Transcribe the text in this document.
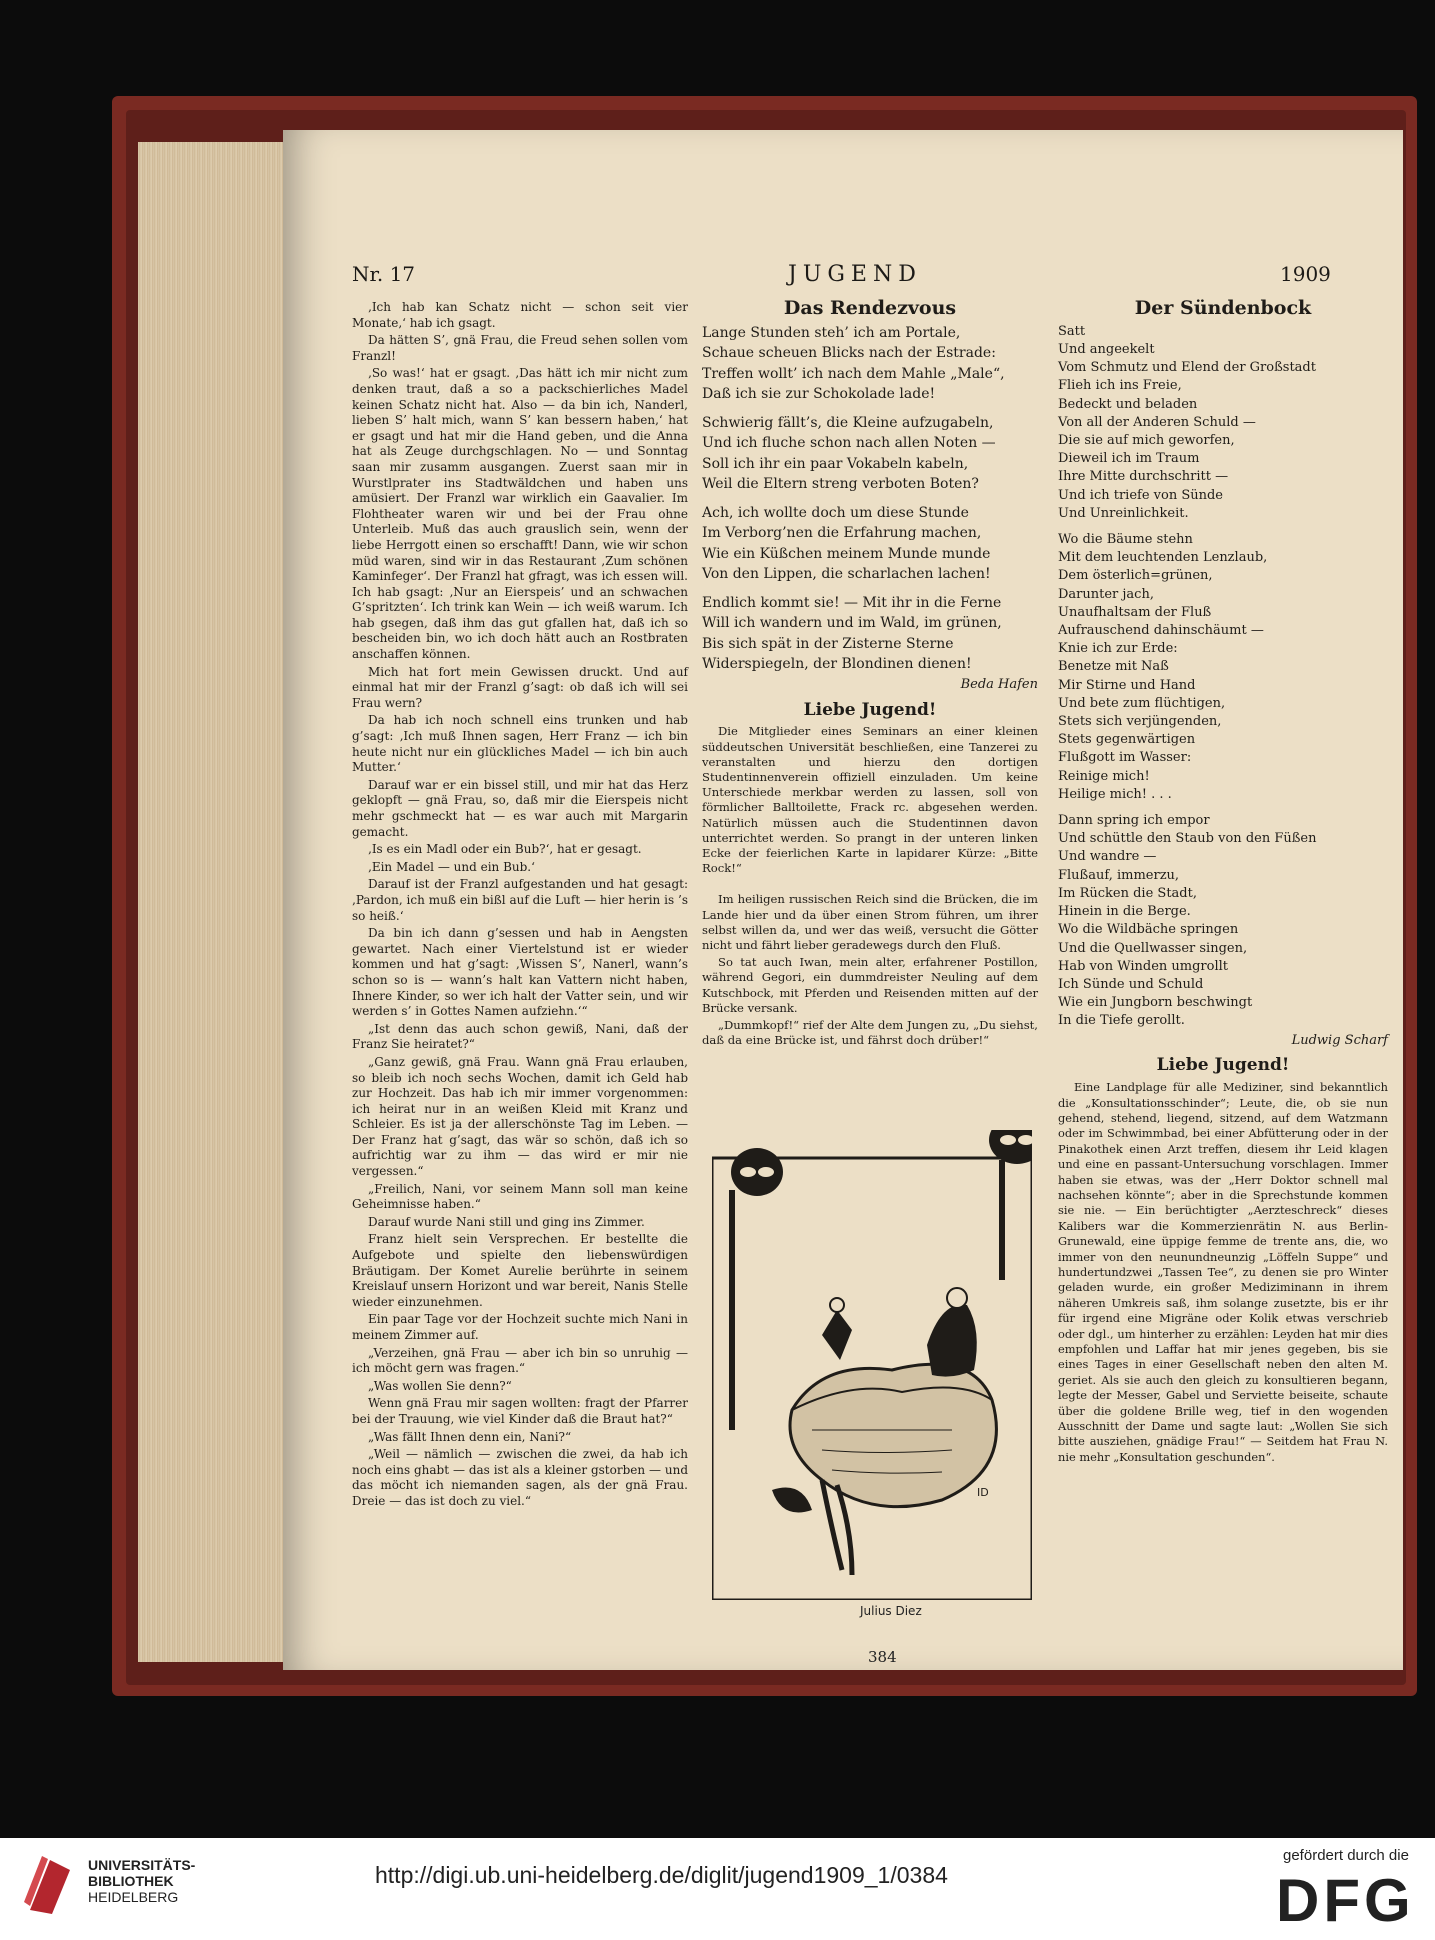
Nr. 17	JUGEND	1909

‚Ich hab kan Schatz nicht — schon seit vier Monate,‘ hab ich gsagt.

Da hätten S’, gnä Frau, die Freud sehen sollen vom Franzl!

‚So was!‘ hat er gsagt. ‚Das hätt ich mir nicht zum denken traut, daß a so a packschierliches Madel keinen Schatz nicht hat. Also — da bin ich, Nanderl, lieben S’ halt mich, wann S’ kan bessern haben,‘ hat er gsagt und hat mir die Hand geben, und die Anna hat als Zeuge durchgschlagen. No — und Sonntag saan mir zusamm ausgangen. Zuerst saan mir in Wurstlprater ins Stadtwäldchen und haben uns amüsiert. Der Franzl war wirklich ein Gaavalier. Im Flohtheater waren wir und bei der Frau ohne Unterleib. Muß das auch grauslich sein, wenn der liebe Herrgott einen so erschafft! Dann, wie wir schon müd waren, sind wir in das Restaurant ‚Zum schönen Kaminfeger‘. Der Franzl hat gfragt, was ich essen will. Ich hab gsagt: ‚Nur an Eierspeis’ und an schwachen G’spritzten‘. Ich trink kan Wein — ich weiß warum. Ich hab gsegen, daß ihm das gut gfallen hat, daß ich so bescheiden bin, wo ich doch hätt auch an Rostbraten anschaffen können.

Mich hat fort mein Gewissen druckt. Und auf einmal hat mir der Franzl g’sagt: ob daß ich will sei Frau wern?

Da hab ich noch schnell eins trunken und hab g’sagt: ‚Ich muß Ihnen sagen, Herr Franz — ich bin heute nicht nur ein glückliches Madel — ich bin auch Mutter.‘

Darauf war er ein bissel still, und mir hat das Herz geklopft — gnä Frau, so, daß mir die Eierspeis nicht mehr gschmeckt hat — es war auch mit Margarin gemacht.

‚Is es ein Madl oder ein Bub?‘, hat er gesagt.

‚Ein Madel — und ein Bub.‘

Darauf ist der Franzl aufgestanden und hat gesagt: ‚Pardon, ich muß ein bißl auf die Luft — hier herin is ’s so heiß.‘

Da bin ich dann g’sessen und hab in Aengsten gewartet. Nach einer Viertelstund ist er wieder kommen und hat g’sagt: ‚Wissen S’, Nanerl, wann’s schon so is — wann’s halt kan Vattern nicht haben, Ihnere Kinder, so wer ich halt der Vatter sein, und wir werden s’ in Gottes Namen aufziehn.‘“

„Ist denn das auch schon gewiß, Nani, daß der Franz Sie heiratet?“

„Ganz gewiß, gnä Frau. Wann gnä Frau erlauben, so bleib ich noch sechs Wochen, damit ich Geld hab zur Hochzeit. Das hab ich mir immer vorgenommen: ich heirat nur in an weißen Kleid mit Kranz und Schleier. Es ist ja der allerschönste Tag im Leben. — Der Franz hat g’sagt, das wär so schön, daß ich so aufrichtig war zu ihm — das wird er mir nie vergessen.“

„Freilich, Nani, vor seinem Mann soll man keine Geheimnisse haben.“

Darauf wurde Nani still und ging ins Zimmer.

Franz hielt sein Versprechen. Er bestellte die Aufgebote und spielte den liebenswürdigen Bräutigam. Der Komet Aurelie berührte in seinem Kreislauf unsern Horizont und war bereit, Nanis Stelle wieder einzunehmen.

Ein paar Tage vor der Hochzeit suchte mich Nani in meinem Zimmer auf.

„Verzeihen, gnä Frau — aber ich bin so unruhig — ich möcht gern was fragen.“

„Was wollen Sie denn?“

Wenn gnä Frau mir sagen wollten: fragt der Pfarrer bei der Trauung, wie viel Kinder daß die Braut hat?“

„Was fällt Ihnen denn ein, Nani?“

„Weil — nämlich — zwischen die zwei, da hab ich noch eins ghabt — das ist als a kleiner gstorben — und das möcht ich niemanden sagen, als der gnä Frau. Dreie — das ist doch zu viel.“

Das Rendezvous
Lange Stunden steh’ ich am Portale,
Schaue scheuen Blicks nach der Estrade:
Treffen wollt’ ich nach dem Mahle „Male“,
Daß ich sie zur Schokolade lade!
Schwierig fällt’s, die Kleine aufzugabeln,
Und ich fluche schon nach allen Noten —
Soll ich ihr ein paar Vokabeln kabeln,
Weil die Eltern streng verboten Boten?
Ach, ich wollte doch um diese Stunde
Im Verborg’nen die Erfahrung machen,
Wie ein Küßchen meinem Munde munde
Von den Lippen, die scharlachen lachen!
Endlich kommt sie! — Mit ihr in die Ferne
Will ich wandern und im Wald, im grünen,
Bis sich spät in der Zisterne Sterne
Widerspiegeln, der Blondinen dienen!
Beda Hafen
Liebe Jugend!

Die Mitglieder eines Seminars an einer kleinen süddeutschen Universität beschließen, eine Tanzerei zu veranstalten und hierzu den dortigen Studentinnenverein offiziell einzuladen. Um keine Unterschiede merkbar werden zu lassen, soll von förmlicher Balltoilette, Frack rc. abgesehen werden. Natürlich müssen auch die Studentinnen davon unterrichtet werden. So prangt in der unteren linken Ecke der feierlichen Karte in lapidarer Kürze: „Bitte Rock!“

Im heiligen russischen Reich sind die Brücken, die im Lande hier und da über einen Strom führen, um ihrer selbst willen da, und wer das weiß, versucht die Götter nicht und fährt lieber geradewegs durch den Fluß.

So tat auch Iwan, mein alter, erfahrener Postillon, während Gegori, ein dummdreister Neuling auf dem Kutschbock, mit Pferden und Reisenden mitten auf der Brücke versank.

„Dummkopf!“ rief der Alte dem Jungen zu, „Du siehst, daß da eine Brücke ist, und fährst doch drüber!“

ID
Julius Diez
Der Sündenbock
Satt
Und angeekelt
Vom Schmutz und Elend der Großstadt
Flieh ich ins Freie,
Bedeckt und beladen
Von all der Anderen Schuld —
Die sie auf mich geworfen,
Dieweil ich im Traum
Ihre Mitte durchschritt —
Und ich triefe von Sünde
Und Unreinlichkeit.
Wo die Bäume stehn
Mit dem leuchtenden Lenzlaub,
Dem österlich=grünen,
Darunter jach,
Unaufhaltsam der Fluß
Aufrauschend dahinschäumt —
Knie ich zur Erde:
Benetze mit Naß
Mir Stirne und Hand
Und bete zum flüchtigen,
Stets sich verjüngenden,
Stets gegenwärtigen
Flußgott im Wasser:
Reinige mich!
Heilige mich! . . .
Dann spring ich empor
Und schüttle den Staub von den Füßen
Und wandre —
Flußauf, immerzu,
Im Rücken die Stadt,
Hinein in die Berge.
Wo die Wildbäche springen
Und die Quellwasser singen,
Hab von Winden umgrollt
Ich Sünde und Schuld
Wie ein Jungborn beschwingt
In die Tiefe gerollt.
Ludwig Scharf
Liebe Jugend!

Eine Landplage für alle Mediziner, sind bekanntlich die „Konsultationsschinder“; Leute, die, ob sie nun gehend, stehend, liegend, sitzend, auf dem Watzmann oder im Schwimmbad, bei einer Abfütterung oder in der Pinakothek einen Arzt treffen, diesem ihr Leid klagen und eine en passant-Untersuchung vorschlagen. Immer haben sie etwas, was der „Herr Doktor schnell mal nachsehen könnte“; aber in die Sprechstunde kommen sie nie. — Ein berüchtigter „Aerzteschreck“ dieses Kalibers war die Kommerzienrätin N. aus Berlin-Grunewald, eine üppige femme de trente ans, die, wo immer von den neunundneunzig „Löffeln Suppe“ und hundertundzwei „Tassen Tee“, zu denen sie pro Winter geladen wurde, ein großer Mediziminann in ihrem näheren Umkreis saß, ihm solange zusetzte, bis er ihr für irgend eine Migräne oder Kolik etwas verschrieb oder dgl., um hinterher zu erzählen: Leyden hat mir dies empfohlen und Laffar hat mir jenes gegeben, bis sie eines Tages in einer Gesellschaft neben den alten M. geriet. Als sie auch den gleich zu konsultieren begann, legte der Messer, Gabel und Serviette beiseite, schaute über die goldene Brille weg, tief in den wogenden Ausschnitt der Dame und sagte laut: „Wollen Sie sich bitte ausziehen, gnädige Frau!“ — Seitdem hat Frau N. nie mehr „Konsultation geschunden“.

384
UNIVERSITÄTS-
BIBLIOTHEK
HEIDELBERG
http://digi.ub.uni-heidelberg.de/diglit/jugend1909_1/0384
gefördert durch die
DFG
